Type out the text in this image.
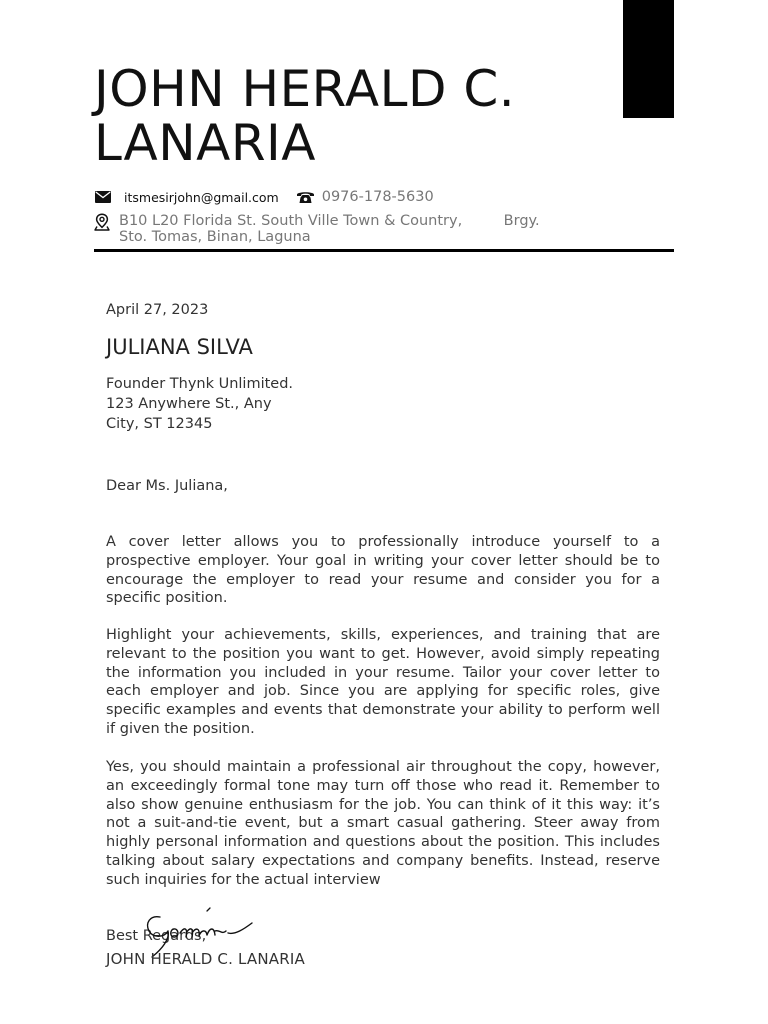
JOHN HERALD C.
LANARIA
itsmesirjohn@gmail.com	0976-178-5630
B10 L20 Florida St. South Ville Town & Country,         Brgy.
Sto. Tomas, Binan, Laguna
April 27, 2023
JULIANA SILVA
Founder Thynk Unlimited.
123 Anywhere St., Any
City, ST 12345
Dear Ms. Juliana,

A cover letter allows you to professionally introduce yourself to a prospective employer. Your goal in writing your cover letter should be to encourage the employer to read your resume and consider you for a specific position.

Highlight your achievements, skills, experiences, and training that are relevant to the position you want to get. However, avoid simply repeating the information you included in your resume. Tailor your cover letter to each employer and job. Since you are applying for specific roles, give specific examples and events that demonstrate your ability to perform well if given the position.

Yes, you should maintain a professional air throughout the copy, however, an exceedingly formal tone may turn off those who read it. Remember to also show genuine enthusiasm for the job. You can think of it this way: it’s not a suit-and-tie event, but a smart casual gathering. Steer away from highly personal information and questions about the position. This includes talking about salary expectations and company benefits. Instead, reserve such inquiries for the actual interview

Best Regards,
JOHN HERALD C. LANARIA
